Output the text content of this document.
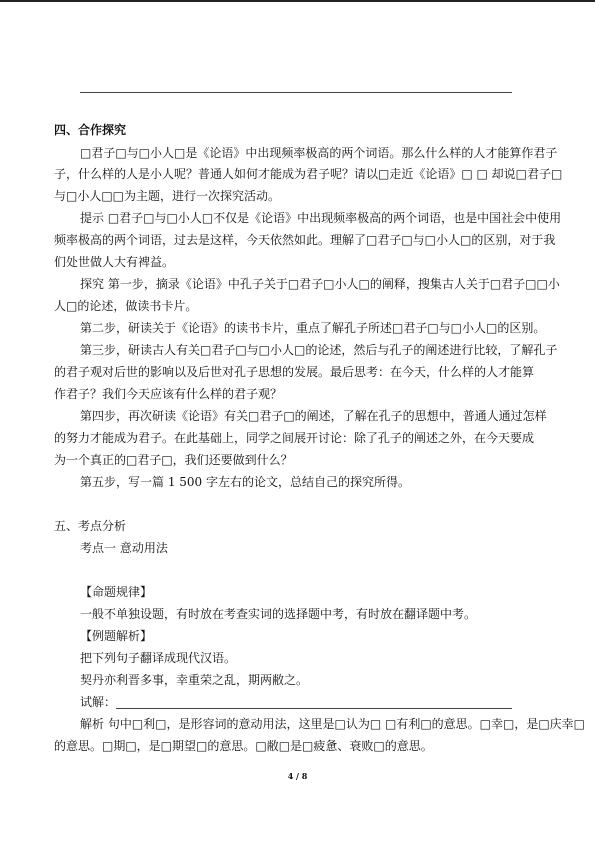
四、合作探究
□君子□与□小人□是《论语》中出现频率极高的两个词语。那么什么样的人才能算作君子
子，什么样的人是小人呢？普通人如何才能成为君子呢？请以□走近《论语》□ □ 却说□君子□
与□小人□□为主题，进行一次探究活动。
提示 □君子□与□小人□不仅是《论语》中出现频率极高的两个词语，也是中国社会中使用
频率极高的两个词语，过去是这样，今天依然如此。理解了□君子□与□小人□的区别，对于我
们处世做人大有裨益。
探究 第一步，摘录《论语》中孔子关于□君子□小人□的阐释，搜集古人关于□君子□□小
人□的论述，做读书卡片。
第二步，研读关于《论语》的读书卡片，重点了解孔子所述□君子□与□小人□的区别。
第三步，研读古人有关□君子□与□小人□的论述，然后与孔子的阐述进行比较，了解孔子
的君子观对后世的影响以及后世对孔子思想的发展。最后思考：在今天，什么样的人才能算
作君子？我们今天应该有什么样的君子观？
第四步，再次研读《论语》有关□君子□的阐述，了解在孔子的思想中，普通人通过怎样
的努力才能成为君子。在此基础上，同学之间展开讨论：除了孔子的阐述之外，在今天要成
为一个真正的□君子□，我们还要做到什么？
第五步，写一篇 1 500 字左右的论文，总结自己的探究所得。
五、考点分析
考点一 意动用法
【命题规律】
一般不单独设题，有时放在考查实词的选择题中考，有时放在翻译题中考。
【例题解析】
把下列句子翻译成现代汉语。
契丹亦利晋多事，幸重荣之乱，期两敝之。
试解：
解析 句中□利□，是形容词的意动用法，这里是□认为□ □有利□的意思。□幸□，是□庆幸□
的意思。□期□，是□期望□的意思。□敝□是□疲惫、衰败□的意思。
4 / 8
